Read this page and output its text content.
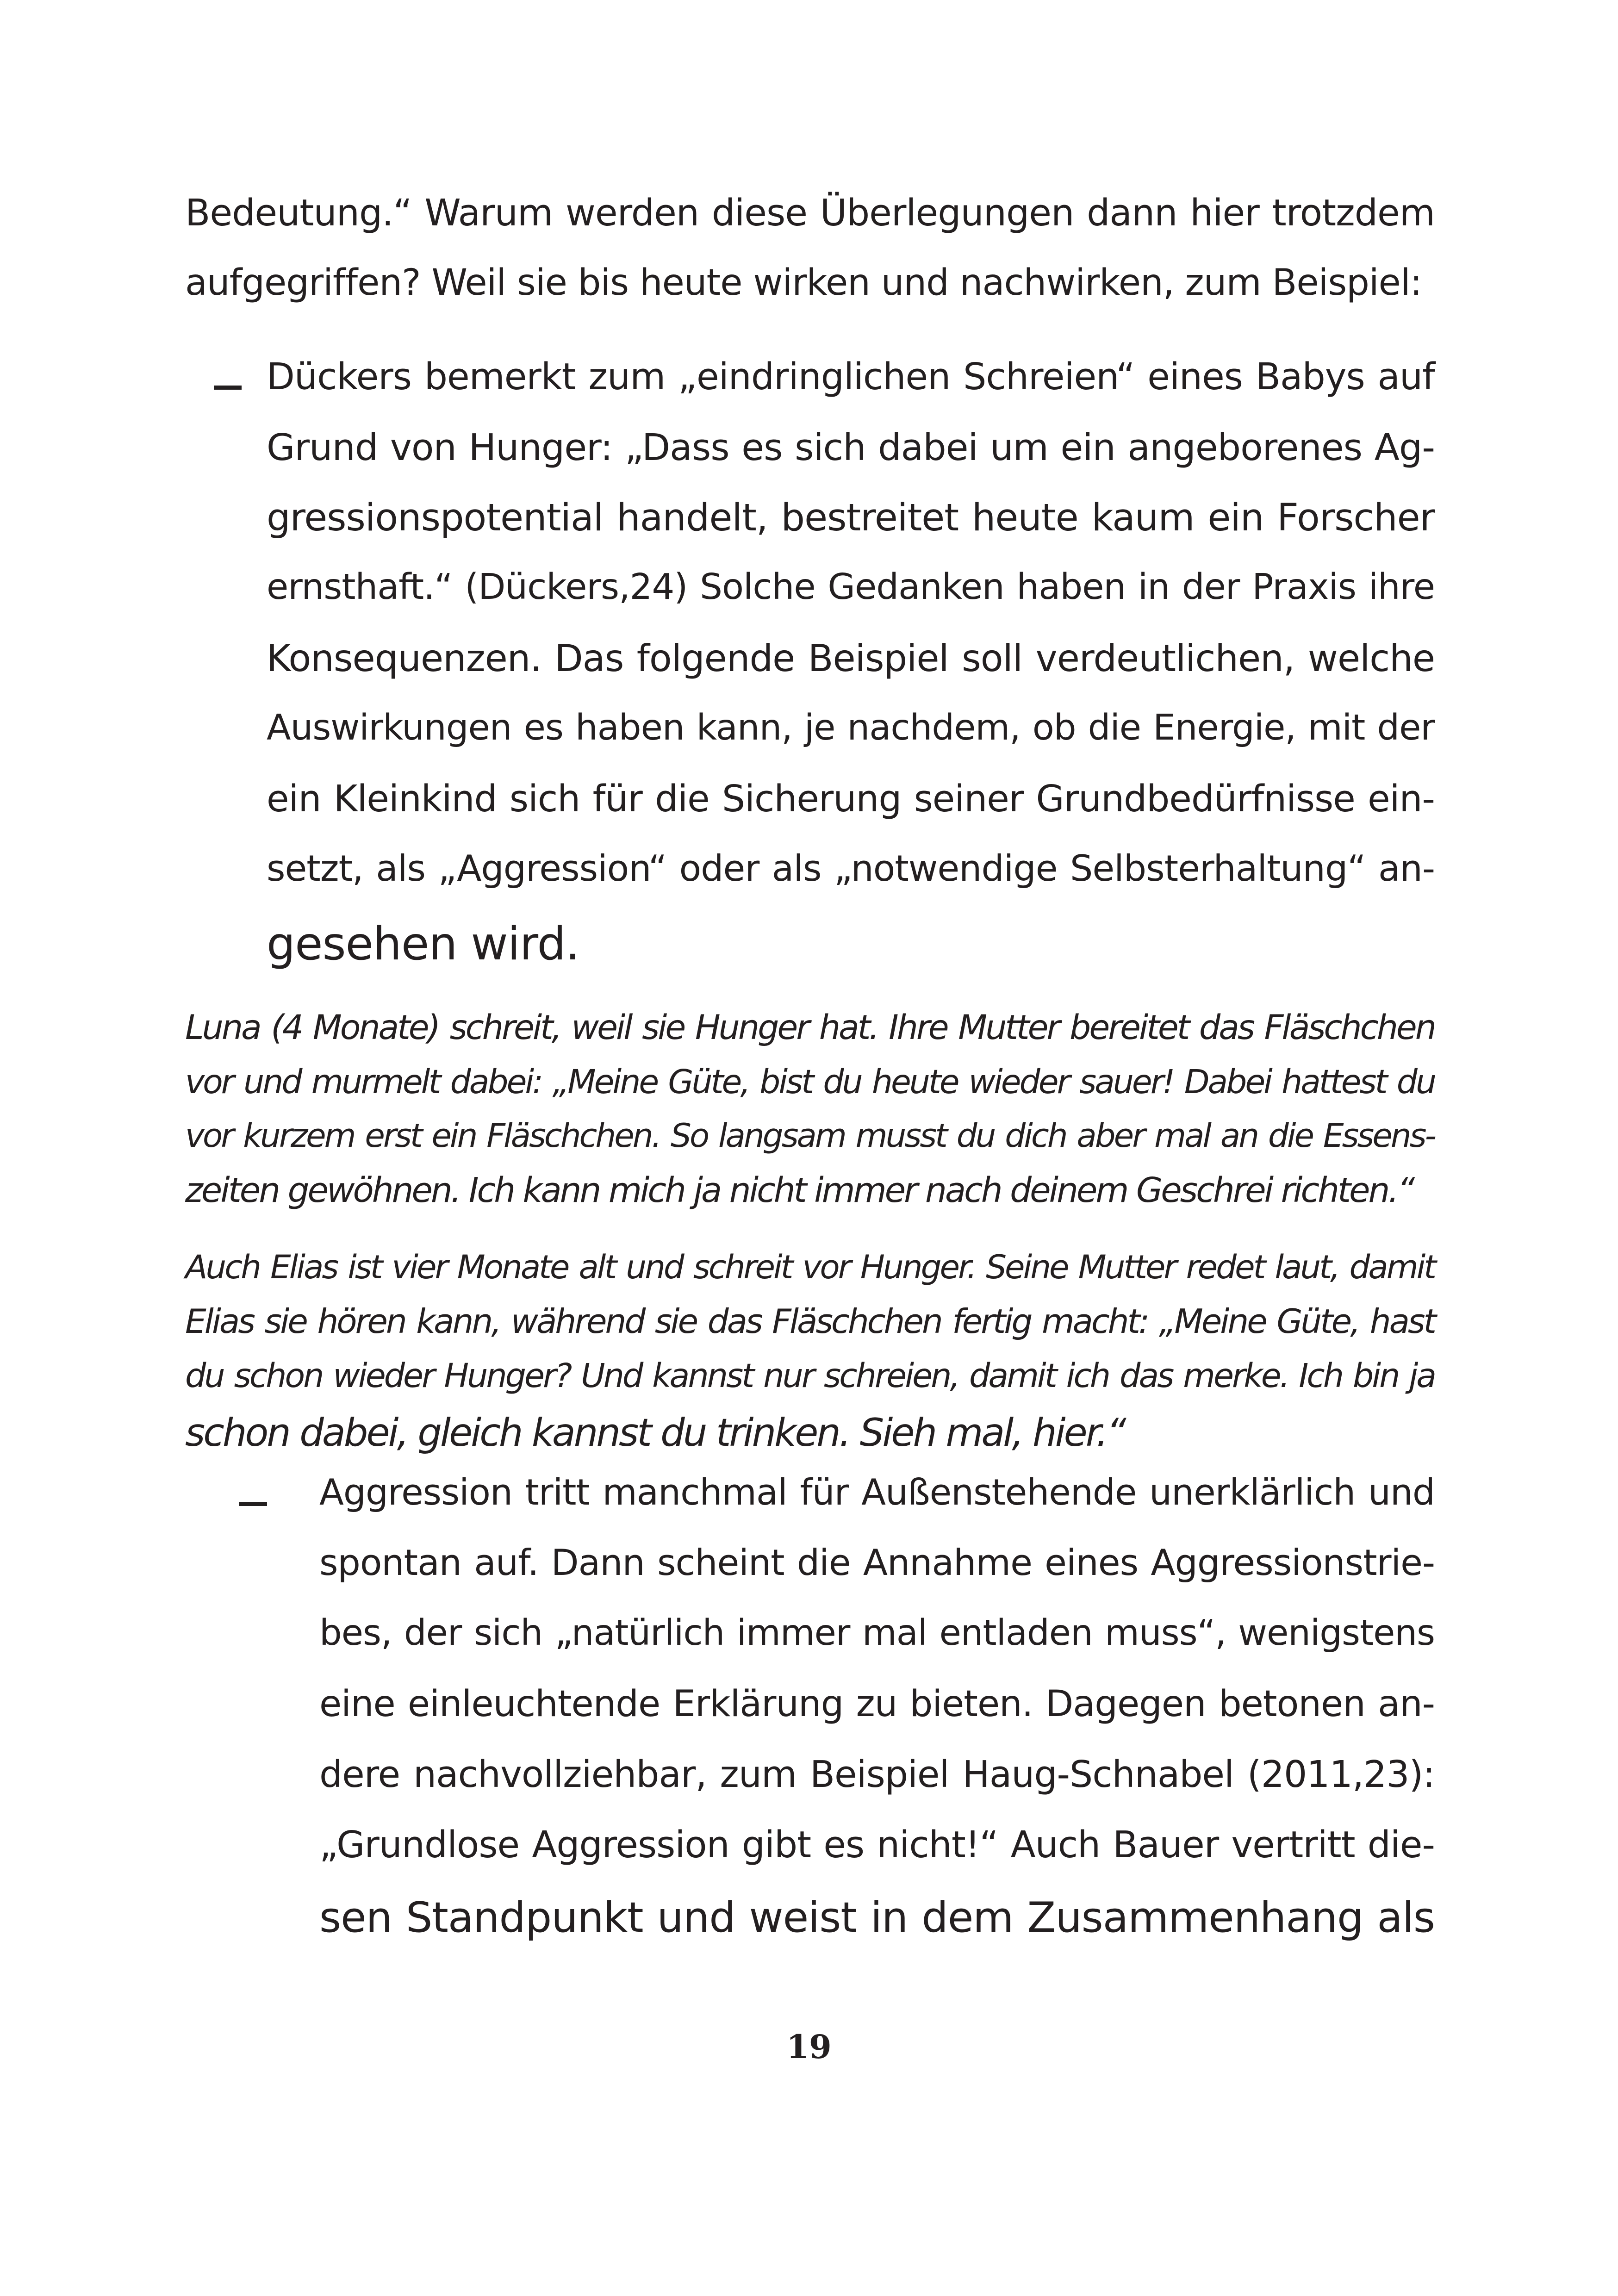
Bedeutung.“ Warum werden diese Überlegungen dann hier trotzdem

aufgegriffen? Weil sie bis heute wirken und nachwirken, zum Beispiel:

Dückers bemerkt zum „eindringlichen Schreien“ eines Babys auf

Grund von Hunger: „Dass es sich dabei um ein angeborenes Ag-

gressionspotential handelt, bestreitet heute kaum ein Forscher

ernsthaft.“ (Dückers,24) Solche Gedanken haben in der Praxis ihre

Konsequenzen. Das folgende Beispiel soll verdeutlichen, welche

Auswirkungen es haben kann, je nachdem, ob die Energie, mit der

ein Kleinkind sich für die Sicherung seiner Grundbedürfnisse ein-

setzt, als „Aggression“ oder als „notwendige Selbsterhaltung“ an-

gesehen wird.

Luna (4 Monate) schreit, weil sie Hunger hat. Ihre Mutter bereitet das Fläschchen

vor und murmelt dabei: „Meine Güte, bist du heute wieder sauer! Dabei hattest du

vor kurzem erst ein Fläschchen. So langsam musst du dich aber mal an die Essens-

zeiten gewöhnen. Ich kann mich ja nicht immer nach deinem Geschrei richten.“

Auch Elias ist vier Monate alt und schreit vor Hunger. Seine Mutter redet laut, damit

Elias sie hören kann, während sie das Fläschchen fertig macht: „Meine Güte, hast

du schon wieder Hunger? Und kannst nur schreien, damit ich das merke. Ich bin ja

schon dabei, gleich kannst du trinken. Sieh mal, hier.“

Aggression tritt manchmal für Außenstehende unerklärlich und

spontan auf. Dann scheint die Annahme eines Aggressionstrie-

bes, der sich „natürlich immer mal entladen muss“, wenigstens

eine einleuchtende Erklärung zu bieten. Dagegen betonen an-

dere nachvollziehbar, zum Beispiel Haug-Schnabel (2011,23):

„Grundlose Aggression gibt es nicht!“ Auch Bauer vertritt die-

sen Standpunkt und weist in dem Zusammenhang als

19
